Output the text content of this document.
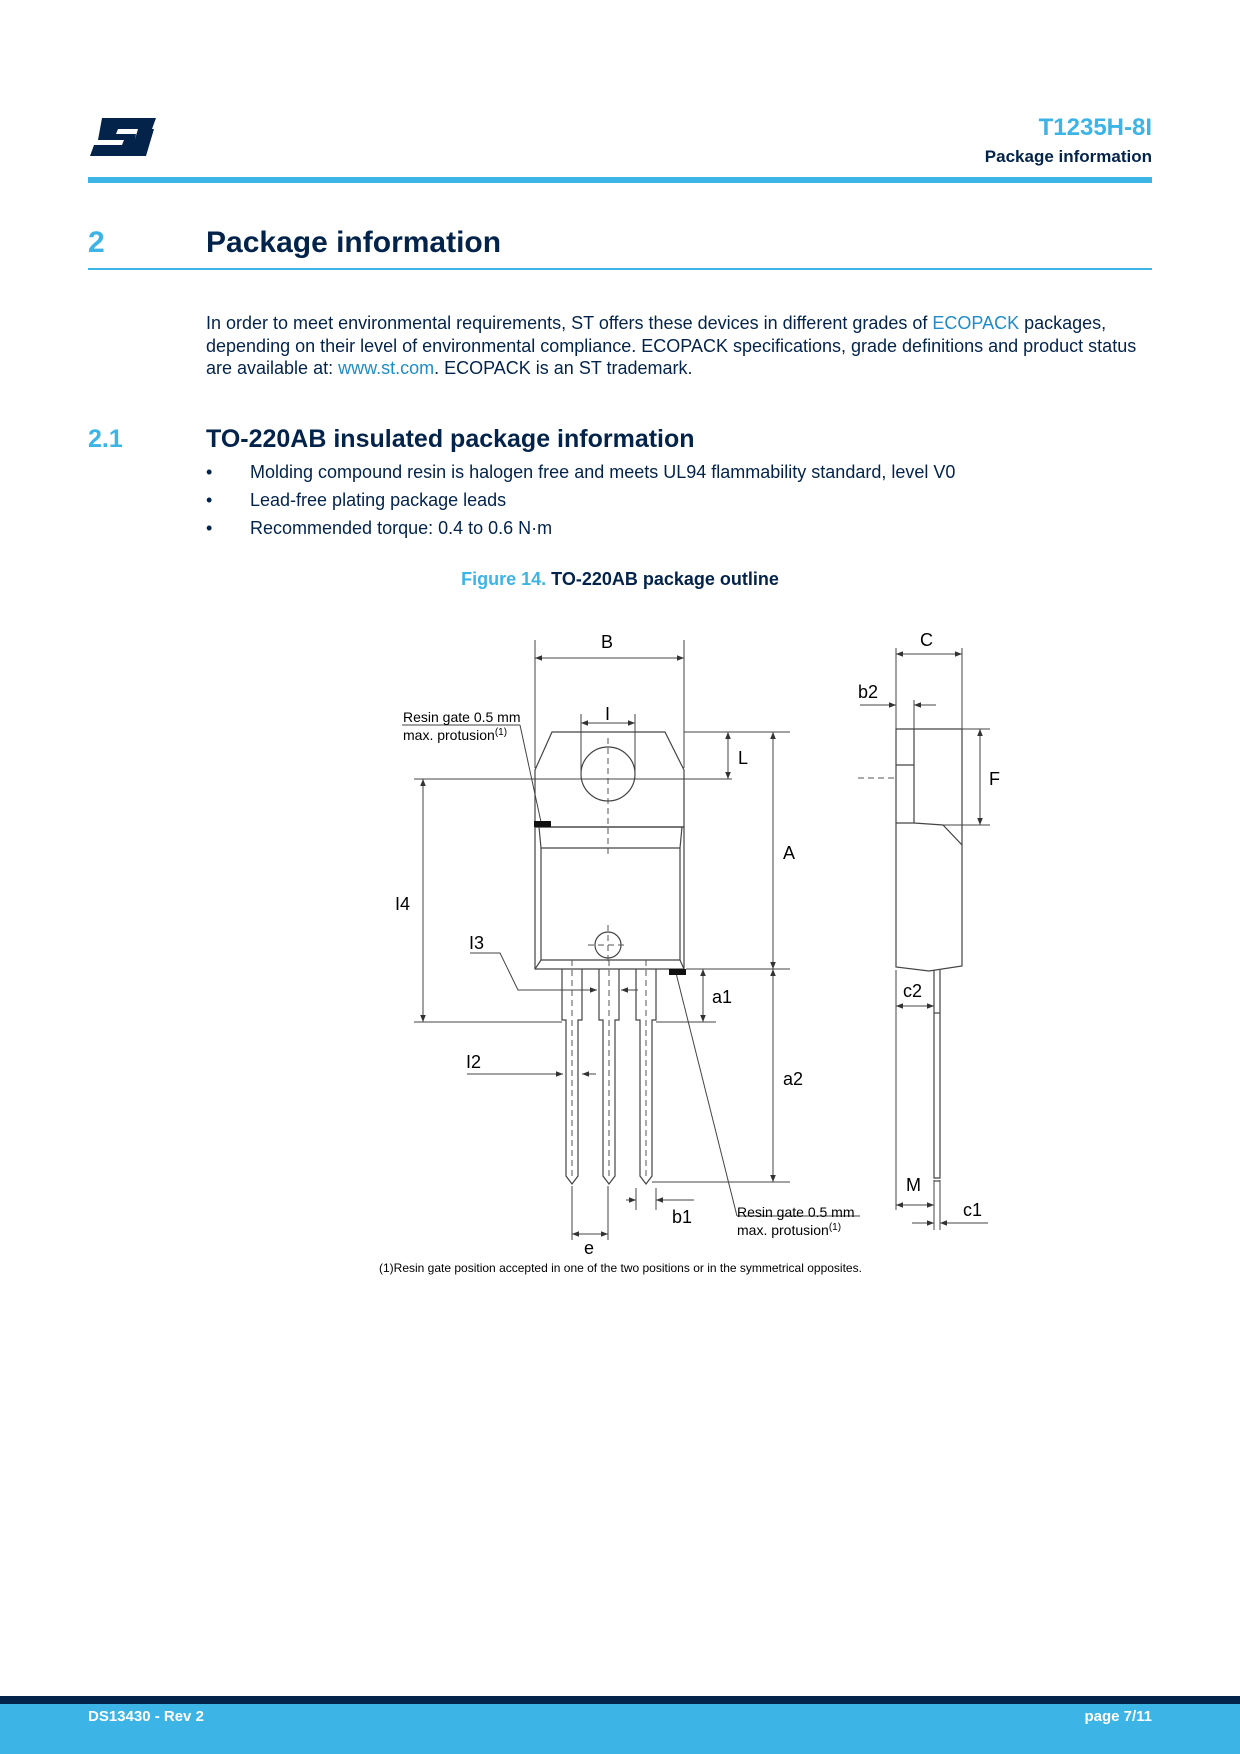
T1235H-8I
Package information
2	Package information
In order to meet environmental requirements, ST offers these devices in different grades of ECOPACK packages, depending on their level of environmental compliance. ECOPACK specifications, grade definitions and product status are available at: www.st.com. ECOPACK is an ST trademark.
2.1	TO-220AB insulated package information
• Molding compound resin is halogen free and meets UL94 flammability standard, level V0
• Lead-free plating package leads
• Recommended torque: 0.4 to 0.6 N·m
Figure 14. TO-220AB package outline
B
I
L
A
I4
I3
a1
a2
I2
b1
e
C
b2
F
c2
M
c1
Resin gate 0.5 mm
max. protusion$^{(1)}$
Resin gate 0.5 mm
max. protusion$^{(1)}$
(1)Resin gate position accepted in one of the two positions or in the symmetrical opposites.
DS13430 - Rev 2	page 7/11
